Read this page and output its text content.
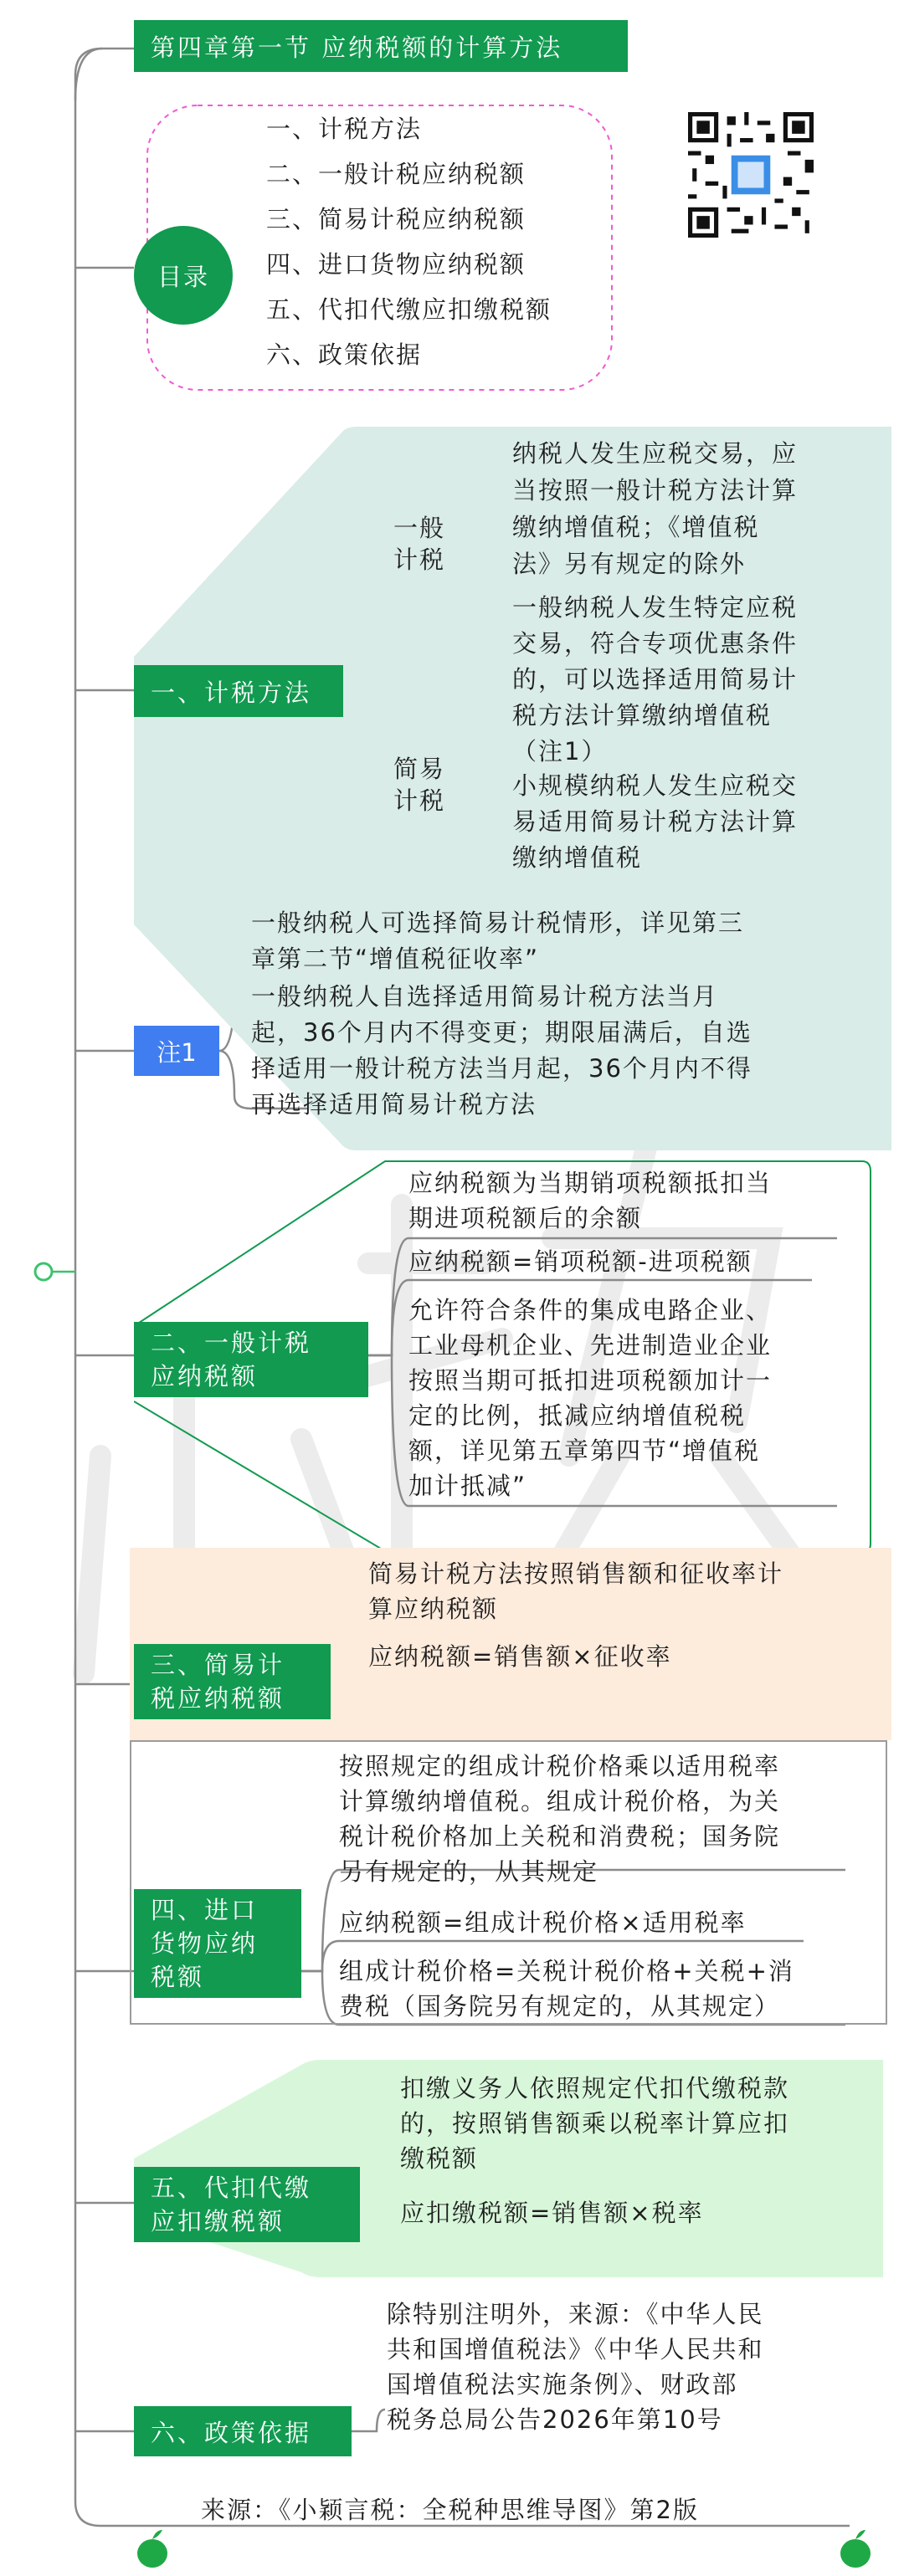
第四章第一节 应纳税额的计算方法
目录
一、计税方法
二、一般计税应纳税额
三、简易计税应纳税额
四、进口货物应纳税额
五、代扣代缴应扣缴税额
六、政策依据
一、计税方法
一般
计税
纳税人发生应税交易，应
当按照一般计税方法计算
缴纳增值税；《增值税
法》另有规定的除外
简易
计税
一般纳税人发生特定应税
交易，符合专项优惠条件
的，可以选择适用简易计
税方法计算缴纳增值税
（注1）
小规模纳税人发生应税交
易适用简易计税方法计算
缴纳增值税
注1
一般纳税人可选择简易计税情形，详见第三
章第二节“增值税征收率”
一般纳税人自选择适用简易计税方法当月
起，36个月内不得变更；期限届满后，自选
择适用一般计税方法当月起，36个月内不得
再选择适用简易计税方法
二、一般计税
应纳税额
应纳税额为当期销项税额抵扣当
期进项税额后的余额
应纳税额=销项税额-进项税额
允许符合条件的集成电路企业、
工业母机企业、先进制造业企业
按照当期可抵扣进项税额加计一
定的比例，抵减应纳增值税税
额，详见第五章第四节“增值税
加计抵减”
三、简易计
税应纳税额
简易计税方法按照销售额和征收率计
算应纳税额
应纳税额=销售额×征收率
四、进口
货物应纳
税额
按照规定的组成计税价格乘以适用税率
计算缴纳增值税。组成计税价格，为关
税计税价格加上关税和消费税；国务院
另有规定的，从其规定
应纳税额=组成计税价格×适用税率
组成计税价格=关税计税价格+关税+消
费税（国务院另有规定的，从其规定）
五、代扣代缴
应扣缴税额
扣缴义务人依照规定代扣代缴税款
的，按照销售额乘以税率计算应扣
缴税额
应扣缴税额=销售额×税率
六、政策依据
除特别注明外，来源：《中华人民
共和国增值税法》《中华人民共和
国增值税法实施条例》、财政部
税务总局公告2026年第10号
来源：《小颖言税：全税种思维导图》第2版
